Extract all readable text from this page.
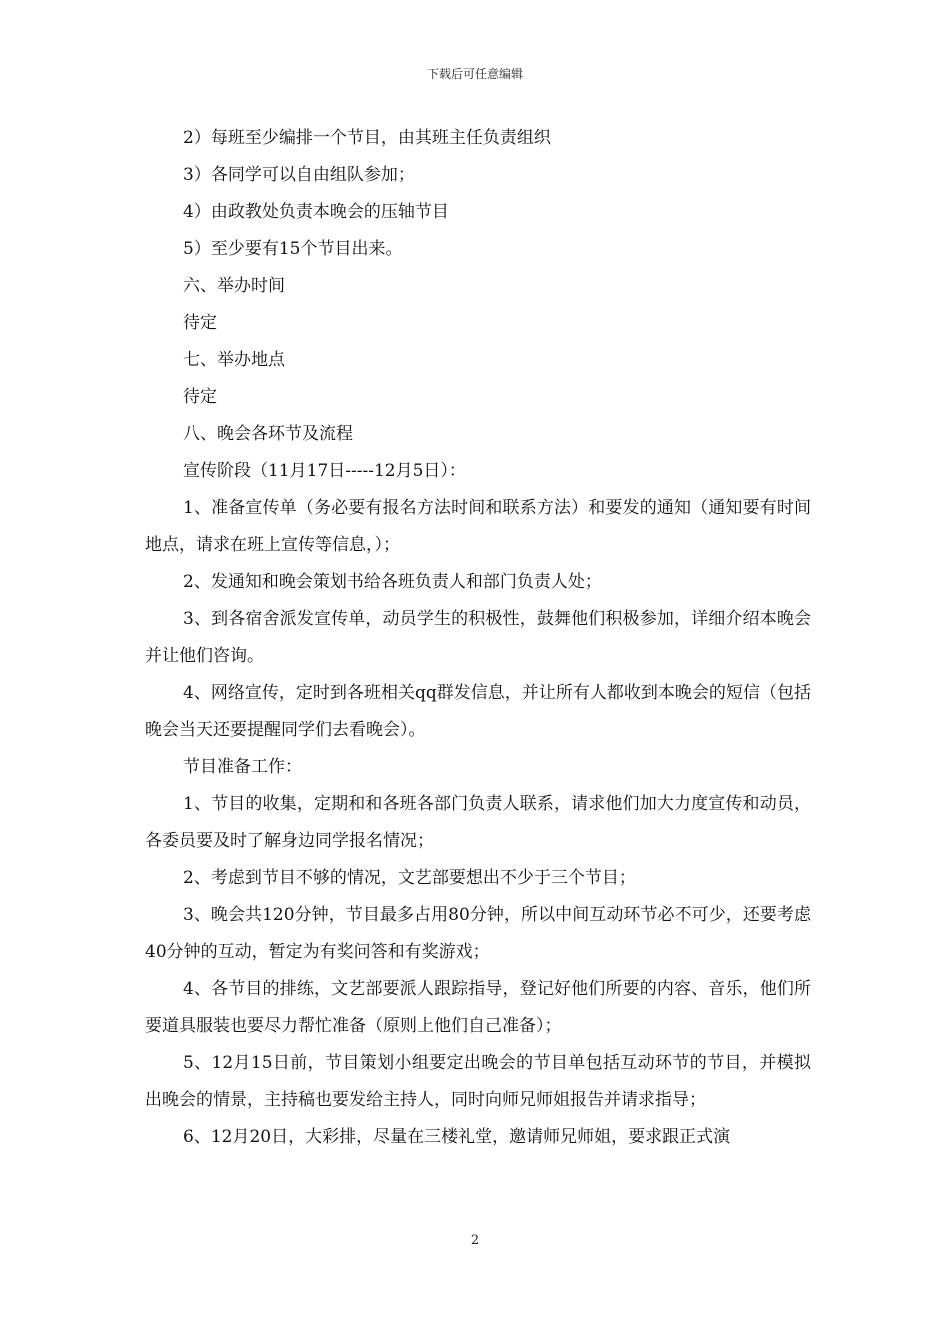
下载后可任意编辑

2）每班至少编排一个节目，由其班主任负责组织

3）各同学可以自由组队参加；

4）由政教处负责本晚会的压轴节目

5）至少要有15个节目出来。

六、举办时间

待定

七、举办地点

待定

八、晚会各环节及流程

宣传阶段（11月17日-----12月5日）：

1、准备宣传单（务必要有报名方法时间和联系方法）和要发的通知（通知要有时间地点，请求在班上宣传等信息，）；

2、发通知和晚会策划书给各班负责人和部门负责人处；

3、到各宿舍派发宣传单，动员学生的积极性，鼓舞他们积极参加，详细介绍本晚会并让他们咨询。

4、网络宣传，定时到各班相关qq群发信息，并让所有人都收到本晚会的短信（包括晚会当天还要提醒同学们去看晚会）。

节目准备工作：

1、节目的收集，定期和和各班各部门负责人联系，请求他们加大力度宣传和动员，各委员要及时了解身边同学报名情况；

2、考虑到节目不够的情况，文艺部要想出不少于三个节目；

3、晚会共120分钟，节目最多占用80分钟，所以中间互动环节必不可少，还要考虑40分钟的互动，暂定为有奖问答和有奖游戏；

4、各节目的排练，文艺部要派人跟踪指导，登记好他们所要的内容、音乐，他们所要道具服装也要尽力帮忙准备（原则上他们自己准备）；

5、12月15日前，节目策划小组要定出晚会的节目单包括互动环节的节目，并模拟出晚会的情景，主持稿也要发给主持人，同时向师兄师姐报告并请求指导；

6、12月20日，大彩排，尽量在三楼礼堂，邀请师兄师姐，要求跟正式演

2
